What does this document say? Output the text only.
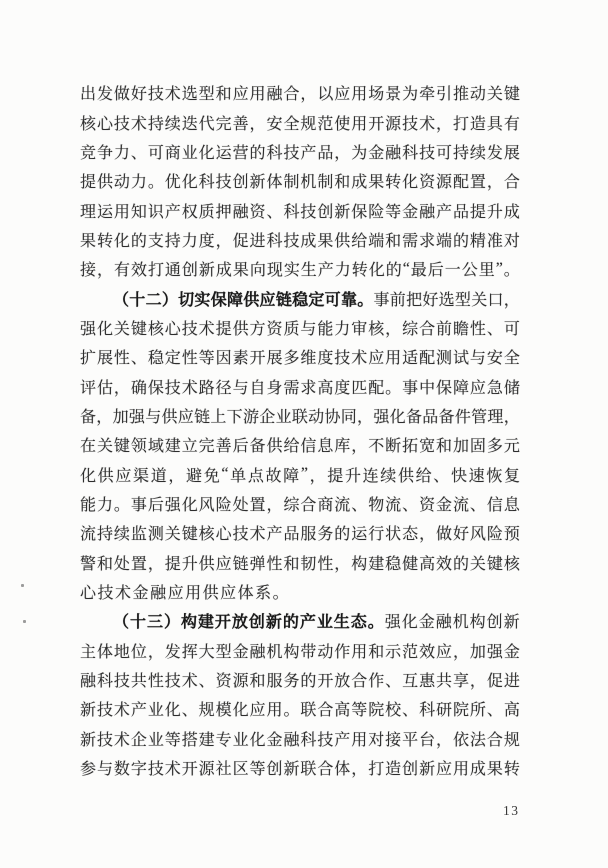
出 发 做 好 技 术 选 型 和 应 用 融 合 ， 以 应 用 场 景 为 牵 引 推 动 关 键
核 心 技 术 持 续 迭 代 完 善 ， 安 全 规 范 使 用 开 源 技 术 ， 打 造 具 有
竞 争 力 、 可 商 业 化 运 营 的 科 技 产 品 ， 为 金 融 科 技 可 持 续 发 展
提 供 动 力 。 优 化 科 技 创 新 体 制 机 制 和 成 果 转 化 资 源 配 置 ， 合
理 运 用 知 识 产 权 质 押 融 资 、 科 技 创 新 保 险 等 金 融 产 品 提 升 成
果 转 化 的 支 持 力 度 ， 促 进 科 技 成 果 供 给 端 和 需 求 端 的 精 准 对
接 ， 有 效 打 通 创 新 成 果 向 现 实 生 产 力 转 化 的 “ 最 后 一 公 里 ” 。
（ 十 二 ） 切 实 保 障 供 应 链 稳 定 可 靠 。 事 前 把 好 选 型 关 口 ，
强 化 关 键 核 心 技 术 提 供 方 资 质 与 能 力 审 核 ， 综 合 前 瞻 性 、 可
扩 展 性 、 稳 定 性 等 因 素 开 展 多 维 度 技 术 应 用 适 配 测 试 与 安 全
评 估 ， 确 保 技 术 路 径 与 自 身 需 求 高 度 匹 配 。 事 中 保 障 应 急 储
备 ， 加 强 与 供 应 链 上 下 游 企 业 联 动 协 同 ， 强 化 备 品 备 件 管 理 ，
在 关 键 领 域 建 立 完 善 后 备 供 给 信 息 库 ， 不 断 拓 宽 和 加 固 多 元
化 供 应 渠 道 ， 避 免 “ 单 点 故 障 ” ， 提 升 连 续 供 给 、 快 速 恢 复
能 力 。 事 后 强 化 风 险 处 置 ， 综 合 商 流 、 物 流 、 资 金 流 、 信 息
流 持 续 监 测 关 键 核 心 技 术 产 品 服 务 的 运 行 状 态 ， 做 好 风 险 预
警 和 处 置 ， 提 升 供 应 链 弹 性 和 韧 性 ， 构 建 稳 健 高 效 的 关 键 核
心 技 术 金 融 应 用 供 应 体 系 。
（ 十 三 ） 构 建 开 放 创 新 的 产 业 生 态 。 强 化 金 融 机 构 创 新
主 体 地 位 ， 发 挥 大 型 金 融 机 构 带 动 作 用 和 示 范 效 应 ， 加 强 金
融 科 技 共 性 技 术 、 资 源 和 服 务 的 开 放 合 作 、 互 惠 共 享 ， 促 进
新 技 术 产 业 化 、 规 模 化 应 用 。 联 合 高 等 院 校 、 科 研 院 所 、 高
新 技 术 企 业 等 搭 建 专 业 化 金 融 科 技 产 用 对 接 平 台 ， 依 法 合 规
参 与 数 字 技 术 开 源 社 区 等 创 新 联 合 体 ， 打 造 创 新 应 用 成 果 转
13
